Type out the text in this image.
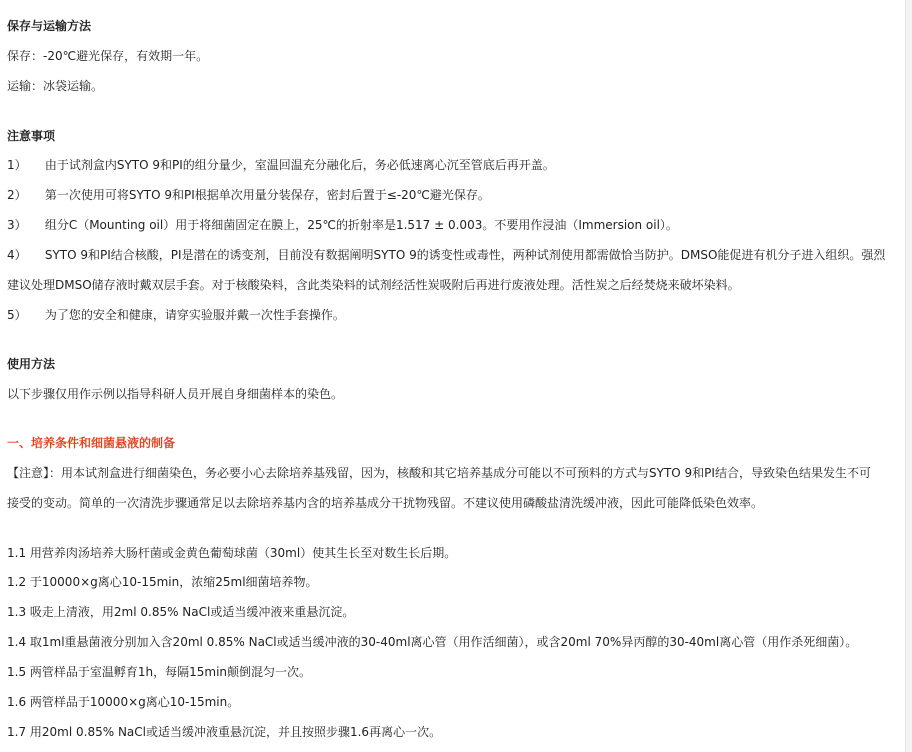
保存与运输方法
保存：-20℃避光保存，有效期一年。
运输：冰袋运输。
注意事项
1） 由于试剂盒内SYTO 9和PI的组分量少，室温回温充分融化后，务必低速离心沉至管底后再开盖。
2） 第一次使用可将SYTO 9和PI根据单次用量分装保存，密封后置于≤-20℃避光保存。
3） 组分C（Mounting oil）用于将细菌固定在膜上，25℃的折射率是1.517 ± 0.003。不要用作浸油（Immersion oil）。
4） SYTO 9和PI结合核酸，PI是潜在的诱变剂，目前没有数据阐明SYTO 9的诱变性或毒性，两种试剂使用都需做恰当防护。DMSO能促进有机分子进入组织。强烈
建议处理DMSO储存液时戴双层手套。对于核酸染料，含此类染料的试剂经活性炭吸附后再进行废液处理。活性炭之后经焚烧来破坏染料。
5） 为了您的安全和健康，请穿实验服并戴一次性手套操作。
使用方法
以下步骤仅用作示例以指导科研人员开展自身细菌样本的染色。
一、培养条件和细菌悬液的制备
【注意】：用本试剂盒进行细菌染色，务必要小心去除培养基残留，因为，核酸和其它培养基成分可能以不可预料的方式与SYTO 9和PI结合，导致染色结果发生不可
接受的变动。简单的一次清洗步骤通常足以去除培养基内含的培养基成分干扰物残留。不建议使用磷酸盐清洗缓冲液，因此可能降低染色效率。
1.1 用营养肉汤培养大肠杆菌或金黄色葡萄球菌（30ml）使其生长至对数生长后期。
1.2 于10000×g离心10-15min，浓缩25ml细菌培养物。
1.3 吸走上清液，用2ml 0.85% NaCl或适当缓冲液来重悬沉淀。
1.4 取1ml重悬菌液分别加入含20ml 0.85% NaCl或适当缓冲液的30-40ml离心管（用作活细菌），或含20ml 70%异丙醇的30-40ml离心管（用作杀死细菌）。
1.5 两管样品于室温孵育1h，每隔15min颠倒混匀一次。
1.6 两管样品于10000×g离心10-15min。
1.7 用20ml 0.85% NaCl或适当缓冲液重悬沉淀，并且按照步骤1.6再离心一次。
